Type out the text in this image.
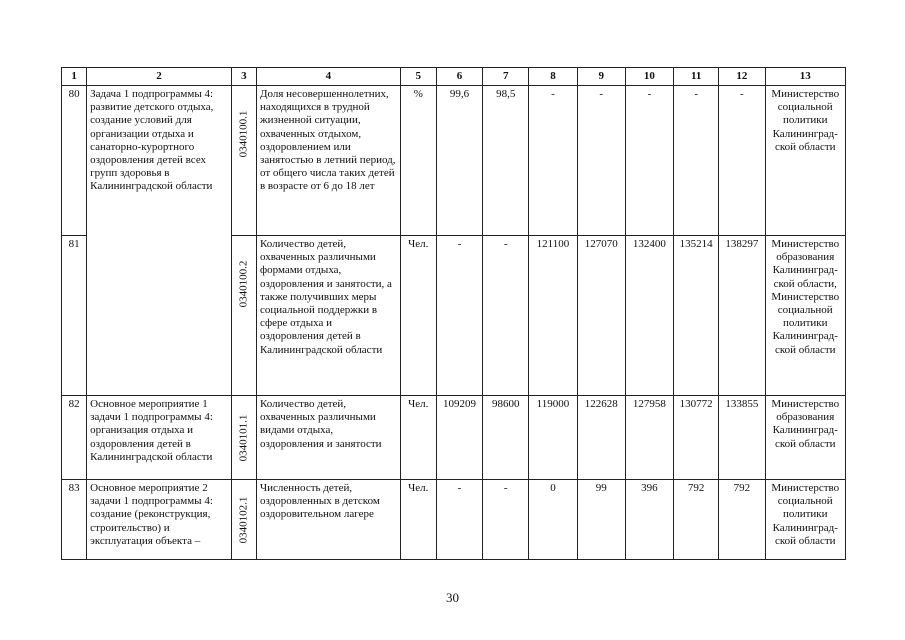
1	2	3	4	5	6	7	8	9	10	11	12	13
80	Задача 1 подпрограммы 4: развитие детского отдыха, создание условий для организации отдыха и санаторно-курортного оздоровления детей всех групп здоровья в Калининградской области	0340100.1	Доля несовершеннолетних, находящихся в трудной жизненной ситуации, охваченных отдыхом, оздоровлением или занятостью в летний период, от общего числа таких детей в возрасте от 6 до 18 лет	%	99,6	98,5	-	-	-	-	-	Министерство социальной политики Калининград-ской области
81		0340100.2	Количество детей, охваченных различными формами отдыха, оздоровления и занятости, а также получивших меры социальной поддержки в сфере отдыха и оздоровления детей в Калининградской области	Чел.	-	-	121100	127070	132400	135214	138297	Министерство образования Калининград-ской области, Министерство социальной политики Калининград-ской области
82	Основное мероприятие 1 задачи 1 подпрограммы 4: организация отдыха и оздоровления детей в Калининградской области	0340101.1	Количество детей, охваченных различными видами отдыха, оздоровления и занятости	Чел.	109209	98600	119000	122628	127958	130772	133855	Министерство образования Калининград-ской области
83	Основное мероприятие 2 задачи 1 подпрограммы 4: создание (реконструкция, строительство) и эксплуатация объекта –	0340102.1	Численность детей, оздоровленных в детском оздоровительном лагере	Чел.	-	-	0	99	396	792	792	Министерство социальной политики Калининград-ской области
30
